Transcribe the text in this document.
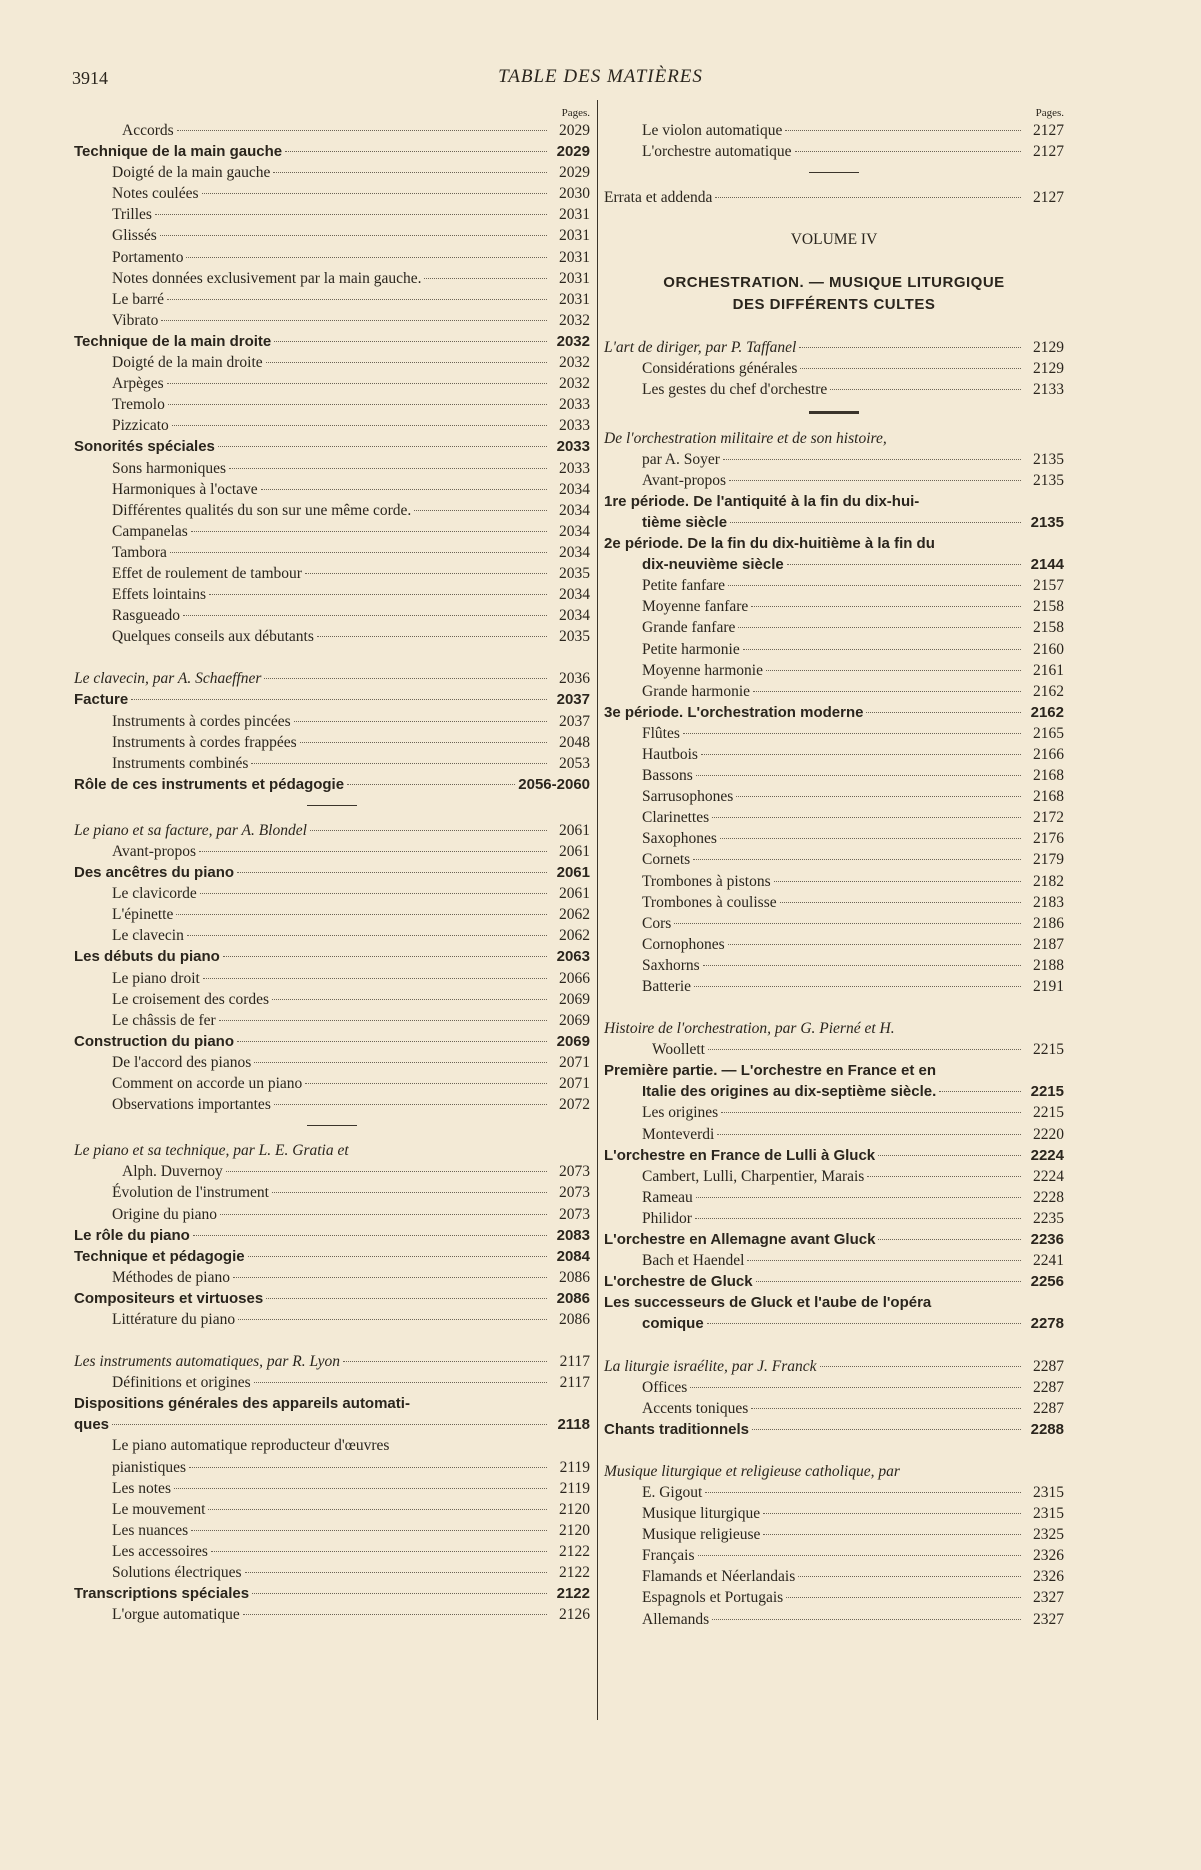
3914	TABLE DES MATIÈRES
Pages.
Accords	2029
Technique de la main gauche	2029
Doigté de la main gauche	2029
Notes coulées	2030
Trilles	2031
Glissés	2031
Portamento	2031
Notes données exclusivement par la main gauche.	2031
Le barré	2031
Vibrato	2032
Technique de la main droite	2032
Doigté de la main droite	2032
Arpèges	2032
Tremolo	2033
Pizzicato	2033
Sonorités spéciales	2033
Sons harmoniques	2033
Harmoniques à l'octave	2034
Différentes qualités du son sur une même corde.	2034
Campanelas	2034
Tambora	2034
Effet de roulement de tambour	2035
Effets lointains	2034
Rasgueado	2034
Quelques conseils aux débutants	2035
Le clavecin, par A. Schaeffner	2036
Facture	2037
Instruments à cordes pincées	2037
Instruments à cordes frappées	2048
Instruments combinés	2053
Rôle de ces instruments et pédagogie	2056-2060
Le piano et sa facture, par A. Blondel	2061
Avant-propos	2061
Des ancêtres du piano	2061
Le clavicorde	2061
L'épinette	2062
Le clavecin	2062
Les débuts du piano	2063
Le piano droit	2066
Le croisement des cordes	2069
Le châssis de fer	2069
Construction du piano	2069
De l'accord des pianos	2071
Comment on accorde un piano	2071
Observations importantes	2072
Le piano et sa technique, par L. E. Gratia et
Alph. Duvernoy	2073
Évolution de l'instrument	2073
Origine du piano	2073
Le rôle du piano	2083
Technique et pédagogie	2084
Méthodes de piano	2086
Compositeurs et virtuoses	2086
Littérature du piano	2086
Les instruments automatiques, par R. Lyon	2117
Définitions et origines	2117
Dispositions générales des appareils automati-
ques	2118
Le piano automatique reproducteur d'œuvres
pianistiques	2119
Les notes	2119
Le mouvement	2120
Les nuances	2120
Les accessoires	2122
Solutions électriques	2122
Transcriptions spéciales	2122
L'orgue automatique	2126
Pages.
Le violon automatique	2127
L'orchestre automatique	2127
Errata et addenda	2127
VOLUME IV
ORCHESTRATION. — MUSIQUE LITURGIQUE
DES DIFFÉRENTS CULTES
L'art de diriger, par P. Taffanel	2129
Considérations générales	2129
Les gestes du chef d'orchestre	2133
De l'orchestration militaire et de son histoire,
par A. Soyer	2135
Avant-propos	2135
1re période. De l'antiquité à la fin du dix-hui-
tième siècle	2135
2e période. De la fin du dix-huitième à la fin du
dix-neuvième siècle	2144
Petite fanfare	2157
Moyenne fanfare	2158
Grande fanfare	2158
Petite harmonie	2160
Moyenne harmonie	2161
Grande harmonie	2162
3e période. L'orchestration moderne	2162
Flûtes	2165
Hautbois	2166
Bassons	2168
Sarrusophones	2168
Clarinettes	2172
Saxophones	2176
Cornets	2179
Trombones à pistons	2182
Trombones à coulisse	2183
Cors	2186
Cornophones	2187
Saxhorns	2188
Batterie	2191
Histoire de l'orchestration, par G. Pierné et H.
Woollett	2215
Première partie. — L'orchestre en France et en
Italie des origines au dix-septième siècle.	2215
Les origines	2215
Monteverdi	2220
L'orchestre en France de Lulli à Gluck	2224
Cambert, Lulli, Charpentier, Marais	2224
Rameau	2228
Philidor	2235
L'orchestre en Allemagne avant Gluck	2236
Bach et Haendel	2241
L'orchestre de Gluck	2256
Les successeurs de Gluck et l'aube de l'opéra
comique	2278
La liturgie israélite, par J. Franck	2287
Offices	2287
Accents toniques	2287
Chants traditionnels	2288
Musique liturgique et religieuse catholique, par
E. Gigout	2315
Musique liturgique	2315
Musique religieuse	2325
Français	2326
Flamands et Néerlandais	2326
Espagnols et Portugais	2327
Allemands	2327
